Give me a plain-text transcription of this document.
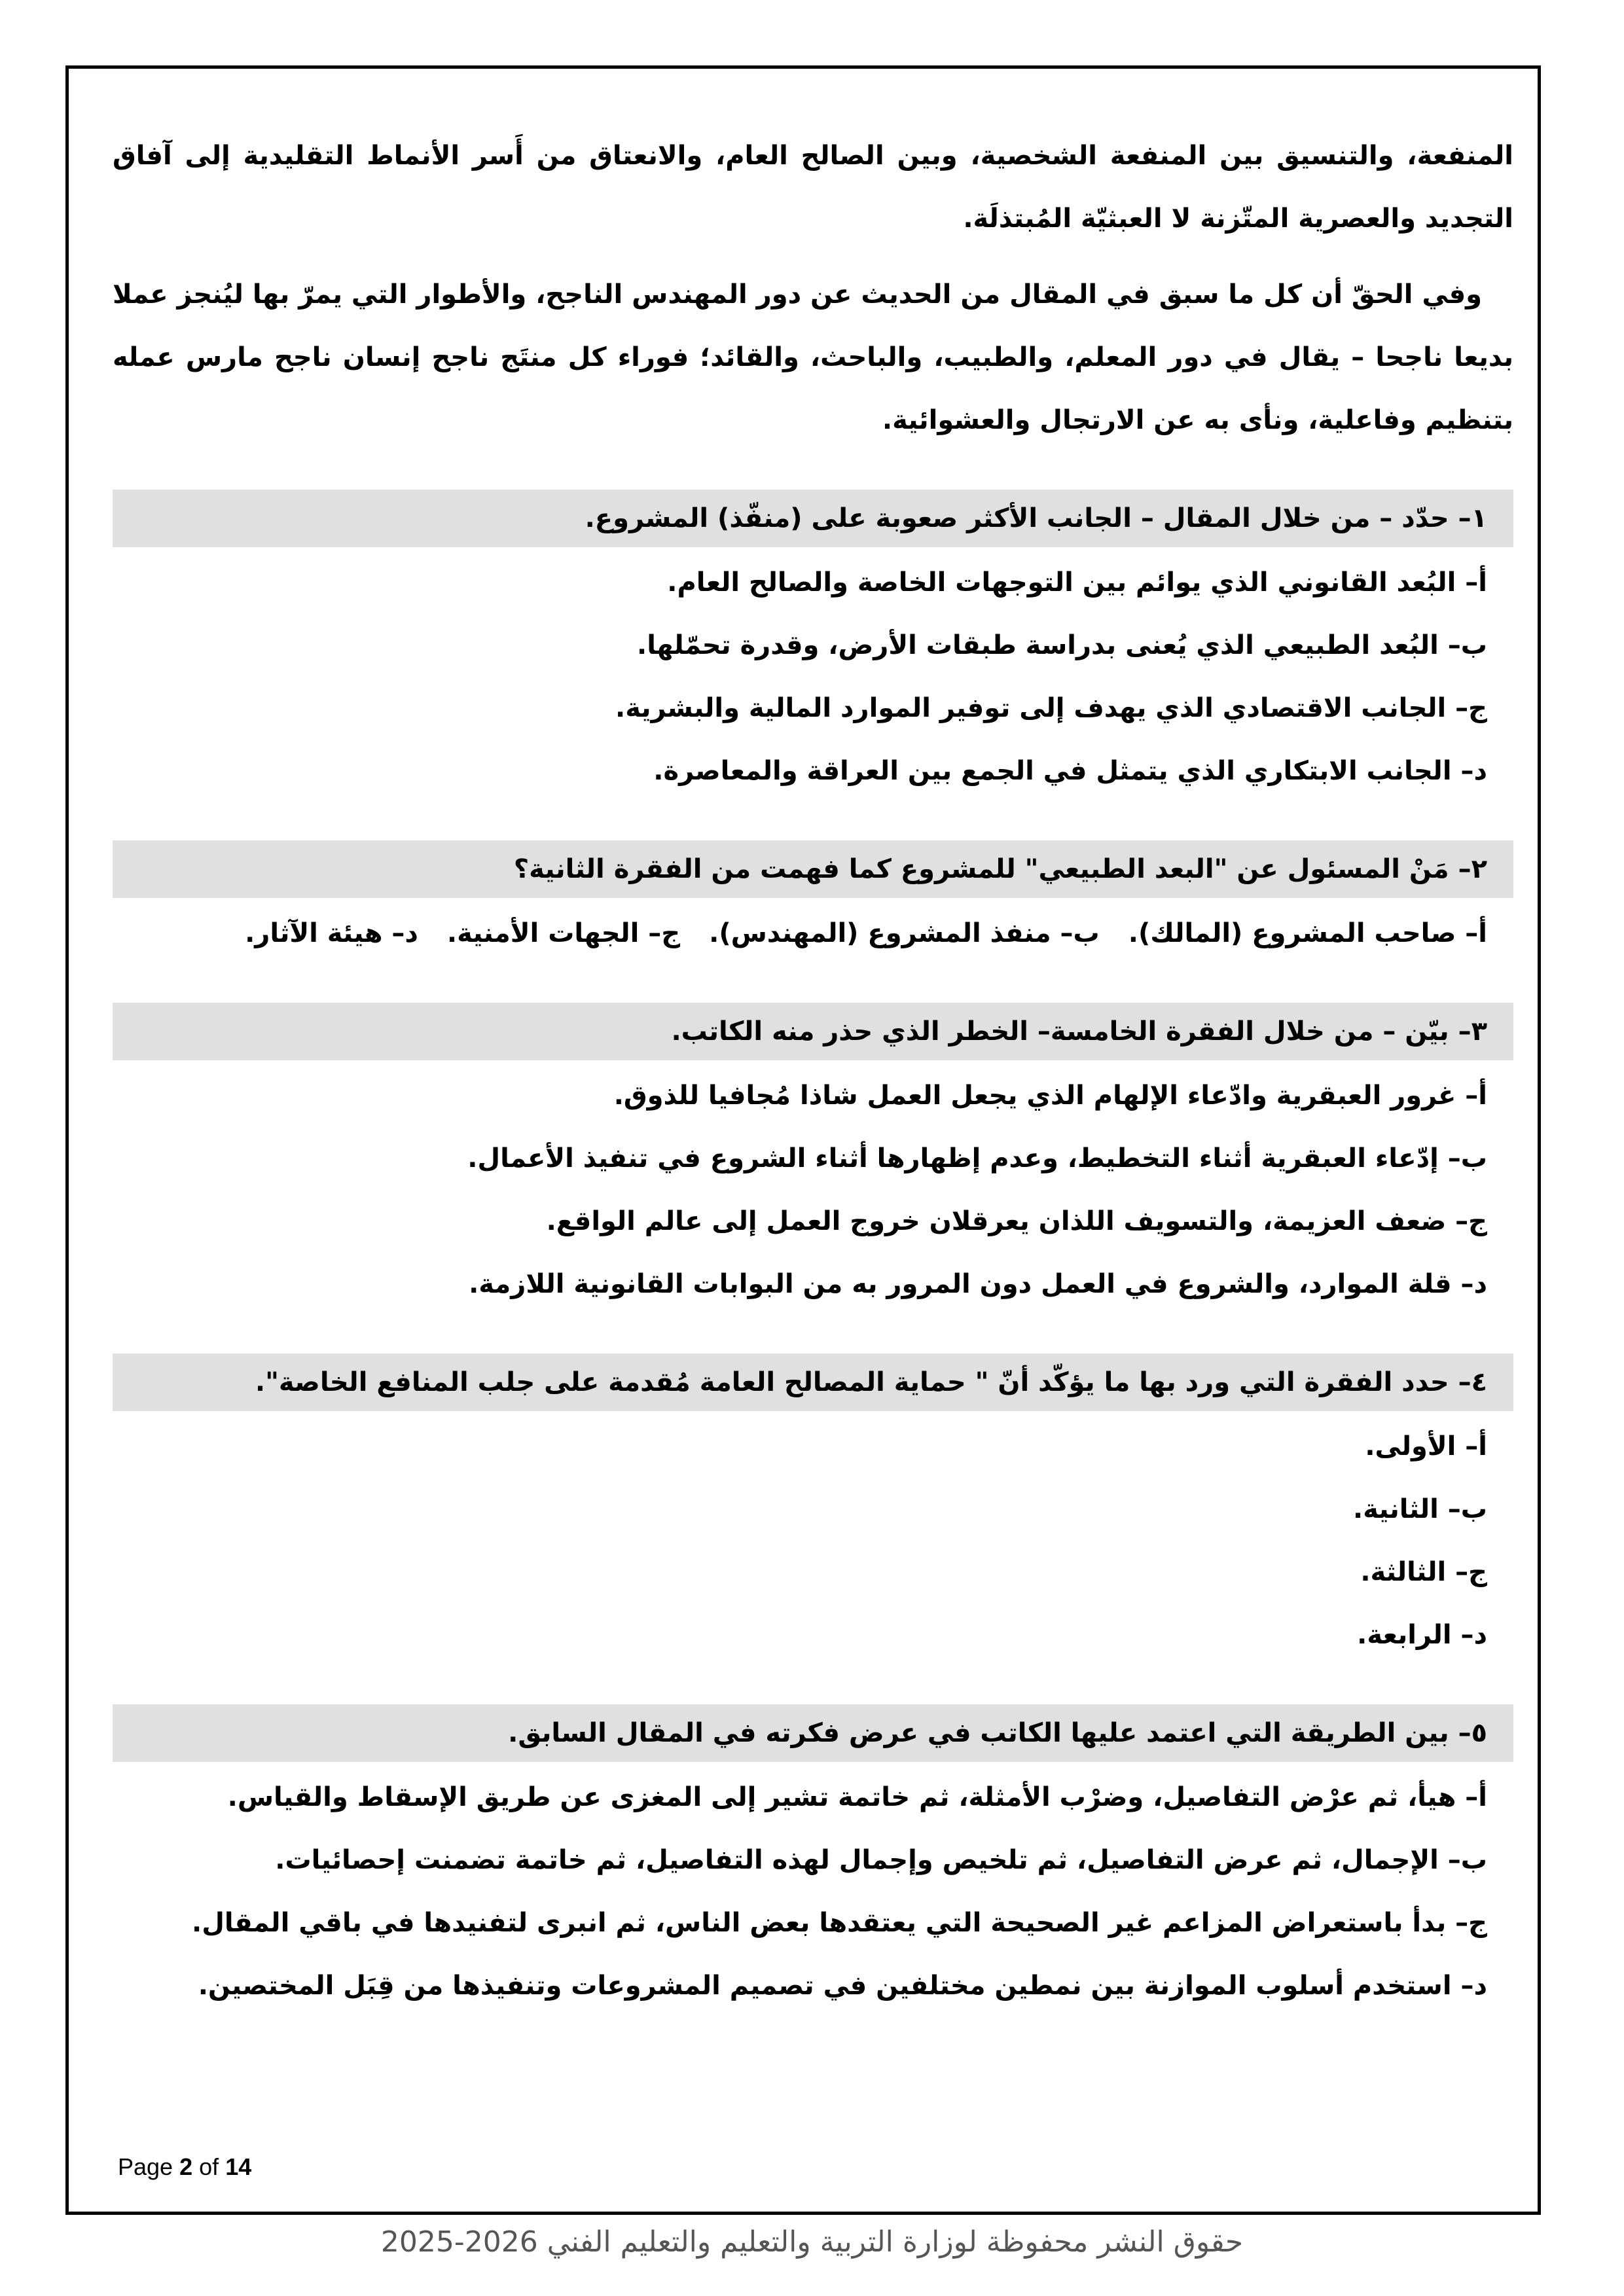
المنفعة، والتنسيق بين المنفعة الشخصية، وبين الصالح العام، والانعتاق من أَسر الأنماط التقليدية إلى آفاق التجديد والعصرية المتّزنة لا العبثيّة المُبتذلَة.

وفي الحقّ أن كل ما سبق في المقال من الحديث عن دور المهندس الناجح، والأطوار التي يمرّ بها ليُنجز عملا بديعا ناجحا – يقال في دور المعلم، والطبيب، والباحث، والقائد؛ فوراء كل منتَج ناجح إنسان ناجح مارس عمله بتنظيم وفاعلية، ونأى به عن الارتجال والعشوائية.

١– حدّد – من خلال المقال – الجانب الأكثر صعوبة على (منفّذ) المشروع.
أ– البُعد القانوني الذي يوائم بين التوجهات الخاصة والصالح العام.
ب– البُعد الطبيعي الذي يُعنى بدراسة طبقات الأرض، وقدرة تحمّلها.
ج– الجانب الاقتصادي الذي يهدف إلى توفير الموارد المالية والبشرية.
د– الجانب الابتكاري الذي يتمثل في الجمع بين العراقة والمعاصرة.
٢– مَنْ المسئول عن "البعد الطبيعي" للمشروع كما فهمت من الفقرة الثانية؟
أ– صاحب المشروع (المالك).
ب– منفذ المشروع (المهندس).
ج– الجهات الأمنية.
د– هيئة الآثار.
٣– بيّن – من خلال الفقرة الخامسة– الخطر الذي حذر منه الكاتب.
أ– غرور العبقرية وادّعاء الإلهام الذي يجعل العمل شاذا مُجافيا للذوق.
ب– إدّعاء العبقرية أثناء التخطيط، وعدم إظهارها أثناء الشروع في تنفيذ الأعمال.
ج– ضعف العزيمة، والتسويف اللذان يعرقلان خروج العمل إلى عالم الواقع.
د– قلة الموارد، والشروع في العمل دون المرور به من البوابات القانونية اللازمة.
٤– حدد الفقرة التي ورد بها ما يؤكّد أنّ " حماية المصالح العامة مُقدمة على جلب المنافع الخاصة".
أ– الأولى.
ب– الثانية.
ج– الثالثة.
د– الرابعة.
٥– بين الطريقة التي اعتمد عليها الكاتب في عرض فكرته في المقال السابق.
أ– هيأ، ثم عرْض التفاصيل، وضرْب الأمثلة، ثم خاتمة تشير إلى المغزى عن طريق الإسقاط والقياس.
ب– الإجمال، ثم عرض التفاصيل، ثم تلخيص وإجمال لهذه التفاصيل، ثم خاتمة تضمنت إحصائيات.
ج– بدأ باستعراض المزاعم غير الصحيحة التي يعتقدها بعض الناس، ثم انبرى لتفنيدها في باقي المقال.
د– استخدم أسلوب الموازنة بين نمطين مختلفين في تصميم المشروعات وتنفيذها من قِبَل المختصين.
Page 2 of 14
حقوق النشر محفوظة لوزارة التربية والتعليم والتعليم الفني 2026-2025
